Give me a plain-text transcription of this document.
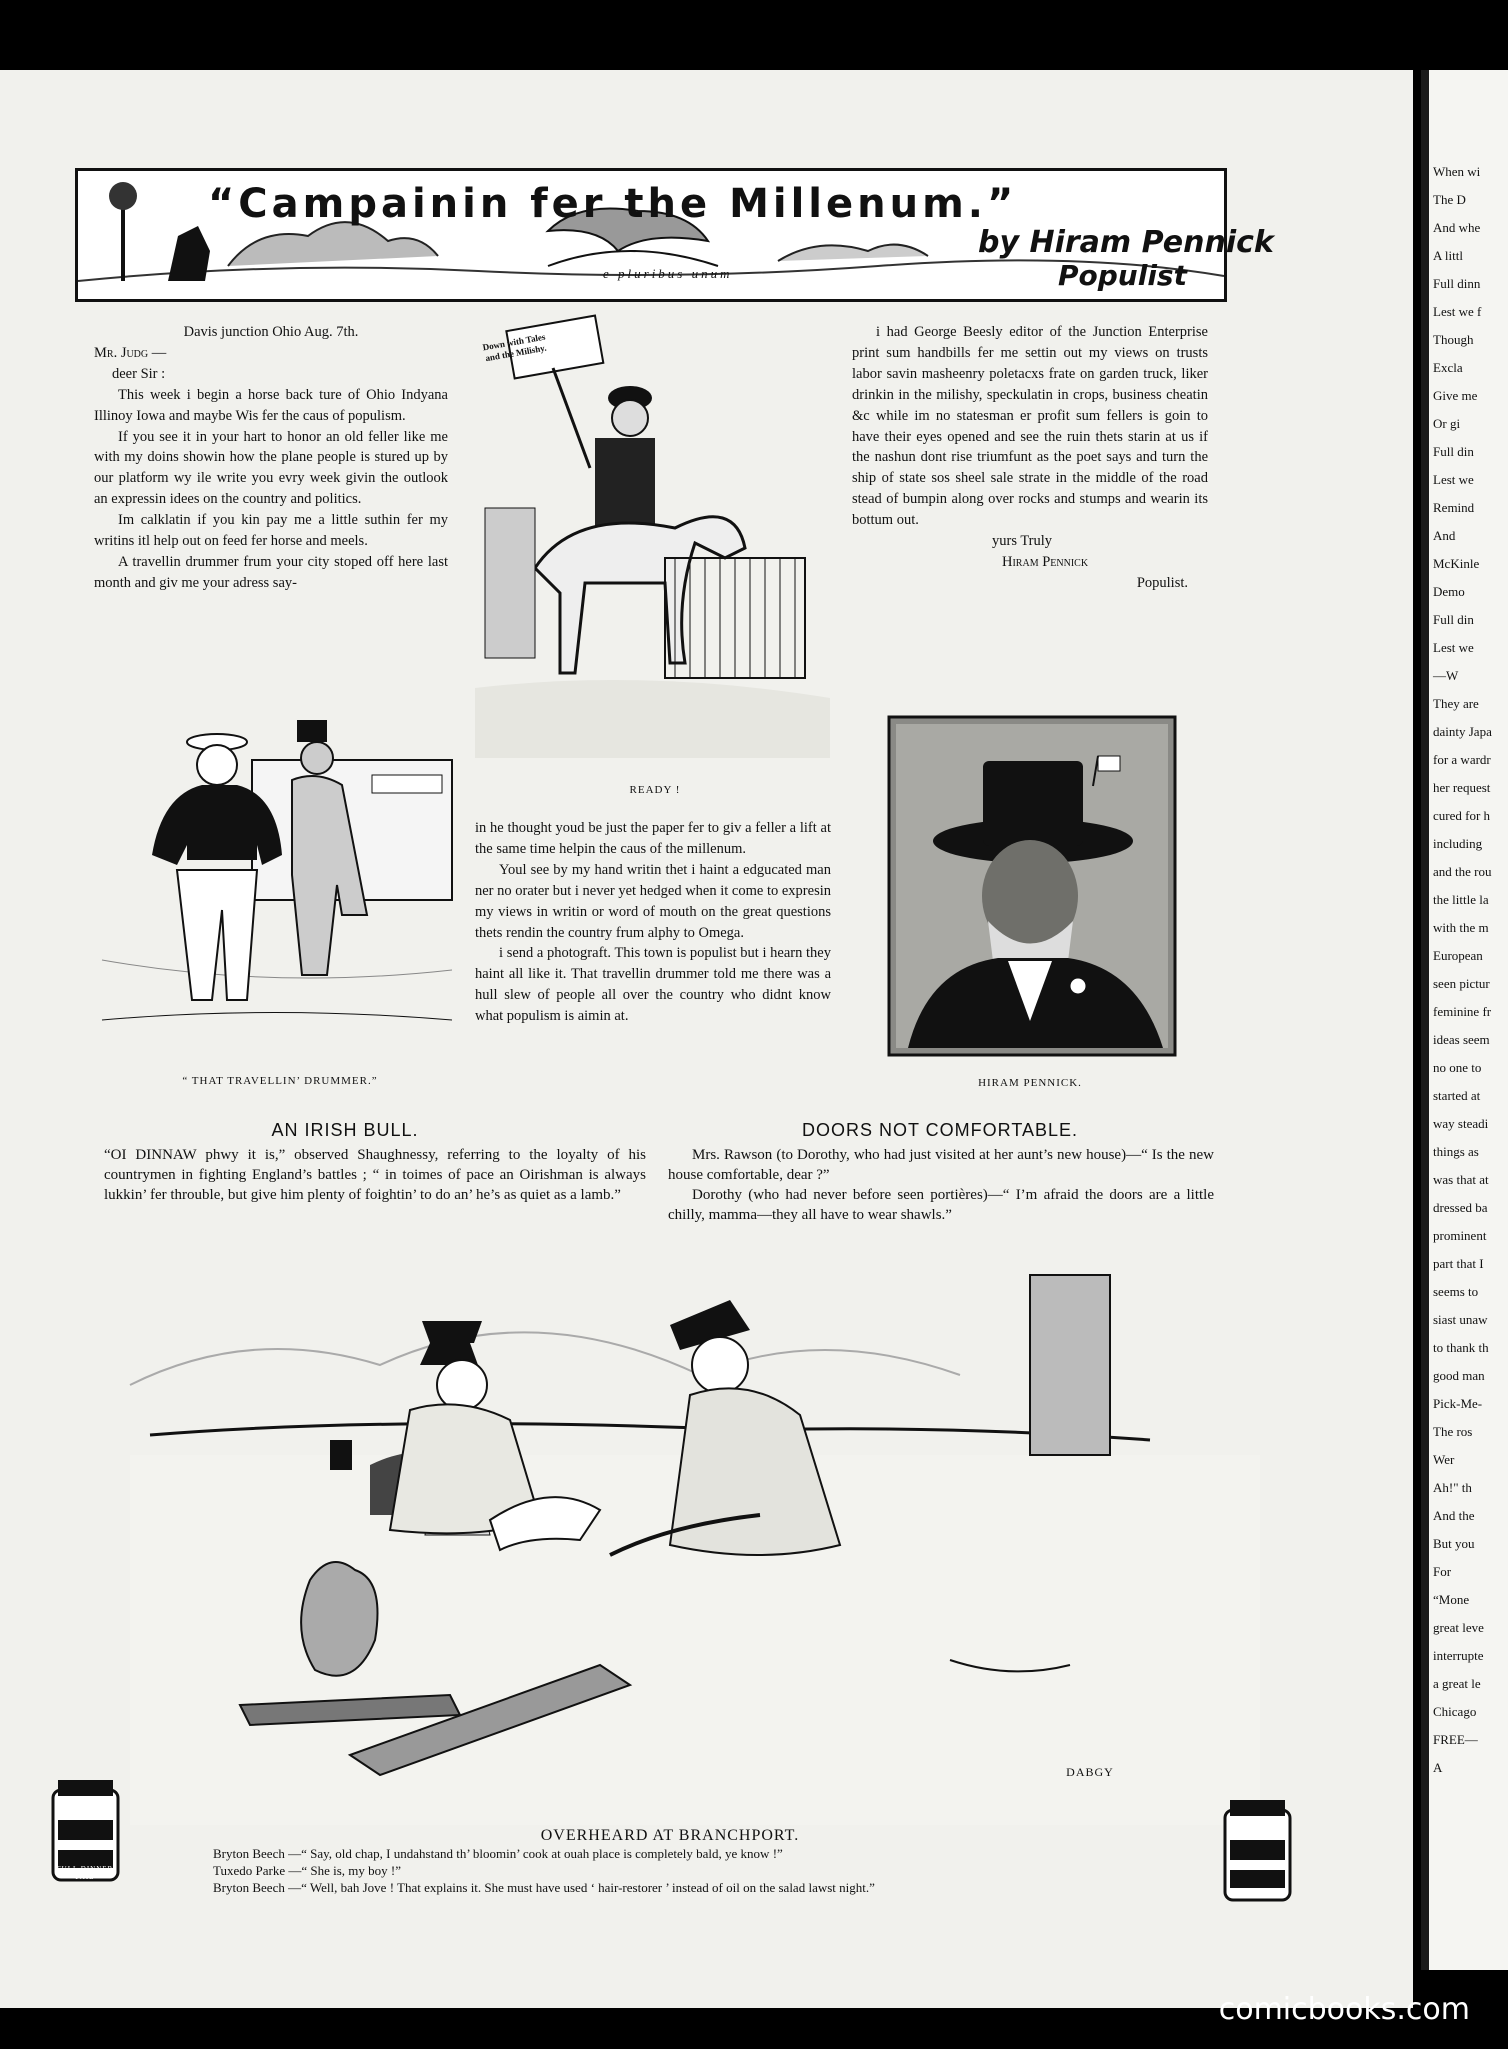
When wi
The D
And whe
A littl
Full dinn
Lest we f
Though
Excla
Give me
Or gi
Full din
Lest we
Remind
And
McKinle
Demo
Full din
Lest we
—W
They are
dainty Japa
for a wardr
her request
cured for h
including
and the rou
the little la
with the m
European
seen pictur
feminine fr
ideas seem
no one to
started at
way steadi
things as
was that at
dressed ba
prominent
part that I
seems to
siast unaw
to thank th
good man
Pick-Me-
The ros
Wer
Ah!" th
And the
But you
For
“Mone
great leve
interrupte
a great le
Chicago
FREE—
A
“Campainin fer the Millenum.”
by Hiram Pennick
Populist
e pluribus unum

Davis junction Ohio Aug. 7th.

Mr. Judg —

deer Sir :

This week i begin a horse back ture of Ohio Indyana Illinoy Iowa and maybe Wis fer the caus of populism.

If you see it in your hart to honor an old feller like me with my doins showin how the plane people is stured up by our platform wy ile write you evry week givin the outlook an expressin idees on the country and politics.

Im calklatin if you kin pay me a little suthin fer my writins itl help out on feed fer horse and meels.

A travellin drummer frum your city stoped off here last month and giv me your adress say-

Down with Tales and the Milishy.
READY !

i had George Beesly editor of the Junction Enterprise print sum handbills fer me settin out my views on trusts labor savin masheenry poletacxs frate on garden truck, liker drinkin in the milishy, speckulatin in crops, business cheatin &c while im no statesman er profit sum fellers is goin to have their eyes opened and see the ruin thets starin at us if the nashun dont rise triumfunt as the poet says and turn the ship of state sos sheel sale strate in the middle of the road stead of bumpin along over rocks and stumps and wearin its bottum out.

yurs Truly

Hiram Pennick

Populist.

“ THAT TRAVELLIN’ DRUMMER.”

in he thought youd be just the paper fer to giv a feller a lift at the same time helpin the caus of the millenum.

Youl see by my hand writin thet i haint a edgucated man ner no orater but i never yet hedged when it come to expresin my views in writin or word of mouth on the great questions thets rendin the country frum alphy to Omega.

i send a photograft. This town is populist but i hearn they haint all like it. That travellin drummer told me there was a hull slew of people all over the country who didnt know what populism is aimin at.

HIRAM PENNICK.
AN IRISH BULL.

“OI DINNAW phwy it is,” observed Shaughnessy, referring to the loyalty of his countrymen in fighting England’s battles ; “ in toimes of pace an Oirishman is always lukkin’ fer throuble, but give him plenty of foightin’ to do an’ he’s as quiet as a lamb.”

DOORS NOT COMFORTABLE.

Mrs. Rawson (to Dorothy, who had just visited at her aunt’s new house)—“ Is the new house comfortable, dear ?”

Dorothy (who had never before seen portières)—“ I’m afraid the doors are a little chilly, mamma—they all have to wear shawls.”

DABGY
FULL DINNER PAIL
OVERHEARD AT BRANCHPORT.

Bryton Beech —“ Say, old chap, I undahstand th’ bloomin’ cook at ouah place is completely bald, ye know !”

Tuxedo Parke —“ She is, my boy !”

Bryton Beech —“ Well, bah Jove ! That explains it. She must have used ‘ hair-restorer ’ instead of oil on the salad lawst night.”

comicbooks.com
